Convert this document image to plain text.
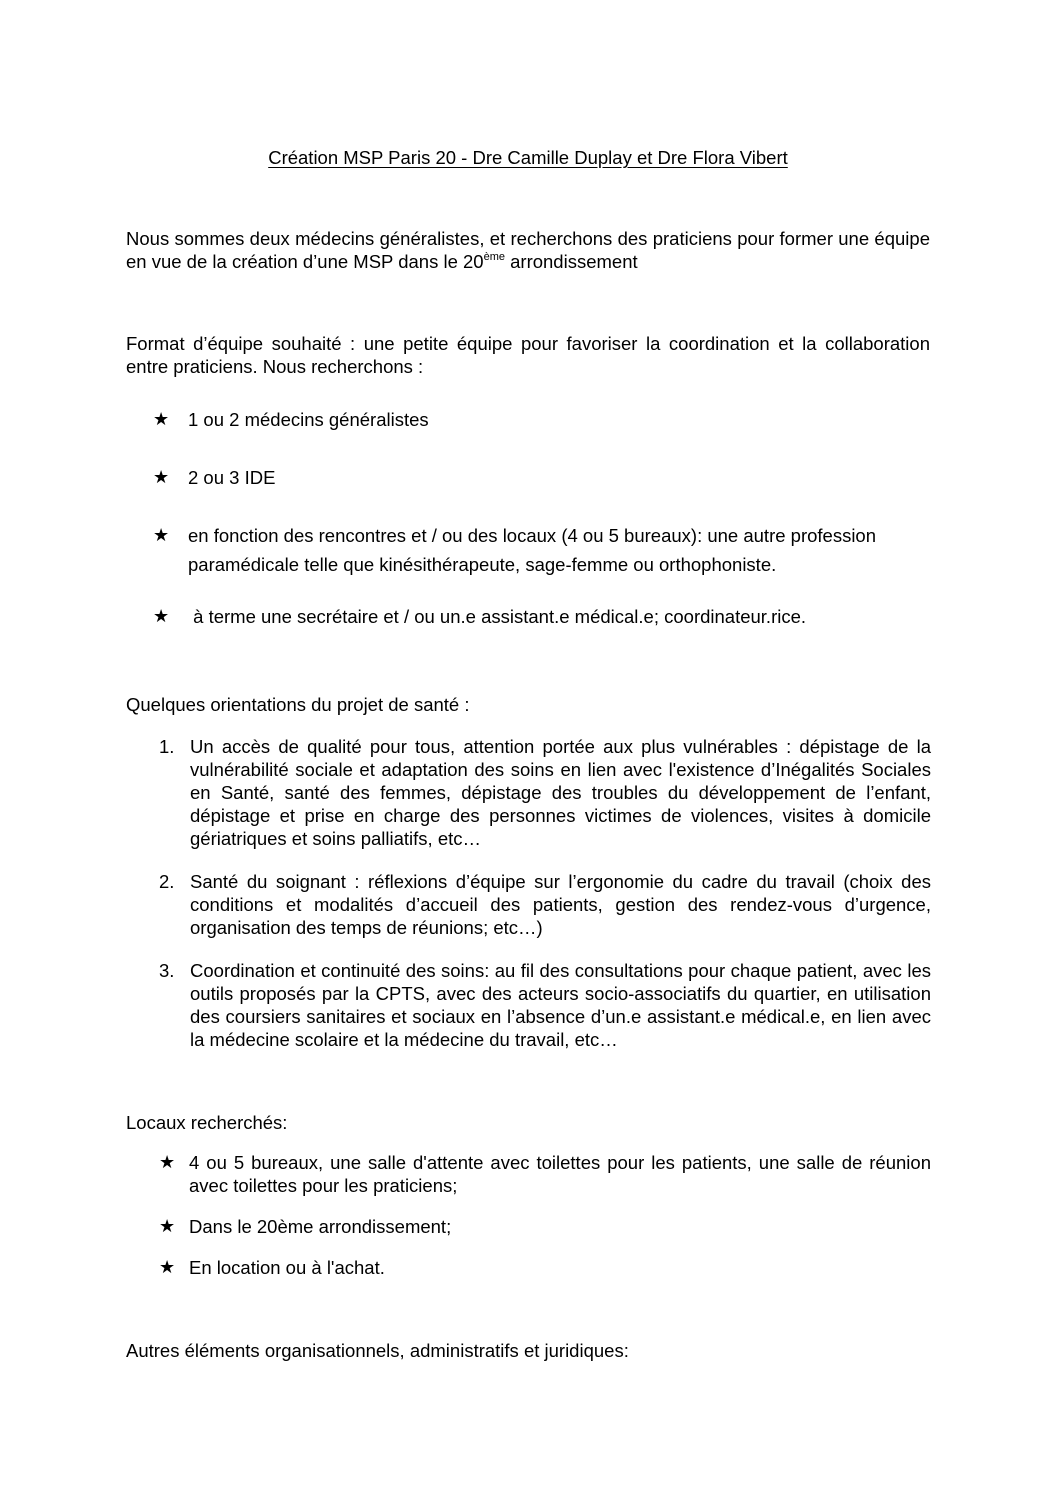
Création MSP Paris 20 - Dre Camille Duplay et Dre Flora Vibert
Nous sommes deux médecins généralistes, et recherchons des praticiens pour former une équipe en vue de la création d’une MSP dans le 20ème arrondissement
Format d’équipe souhaité : une petite équipe pour favoriser la coordination et la collaboration entre praticiens. Nous recherchons :
★ 1 ou 2 médecins généralistes
★ 2 ou 3 IDE
★ en fonction des rencontres et / ou des locaux (4 ou 5 bureaux): une autre profession paramédicale telle que kinésithérapeute, sage-femme ou orthophoniste.
★ à terme une secrétaire et / ou un.e assistant.e médical.e; coordinateur.rice.
Quelques orientations du projet de santé :
1. Un accès de qualité pour tous, attention portée aux plus vulnérables : dépistage de la vulnérabilité sociale et adaptation des soins en lien avec l'existence d’Inégalités Sociales en Santé, santé des femmes, dépistage des troubles du développement de l’enfant, dépistage et prise en charge des personnes victimes de violences, visites à domicile gériatriques et soins palliatifs, etc…
2. Santé du soignant : réflexions d’équipe sur l’ergonomie du cadre du travail (choix des conditions et modalités d’accueil des patients, gestion des rendez-vous d’urgence, organisation des temps de réunions; etc…)
3. Coordination et continuité des soins: au fil des consultations pour chaque patient, avec les outils proposés par la CPTS, avec des acteurs socio-associatifs du quartier, en utilisation des coursiers sanitaires et sociaux en l’absence d’un.e assistant.e médical.e, en lien avec la médecine scolaire et la médecine du travail, etc…
Locaux recherchés:
★ 4 ou 5 bureaux, une salle d'attente avec toilettes pour les patients, une salle de réunion avec toilettes pour les praticiens;
★ Dans le 20ème arrondissement;
★ En location ou à l'achat.
Autres éléments organisationnels, administratifs et juridiques:
